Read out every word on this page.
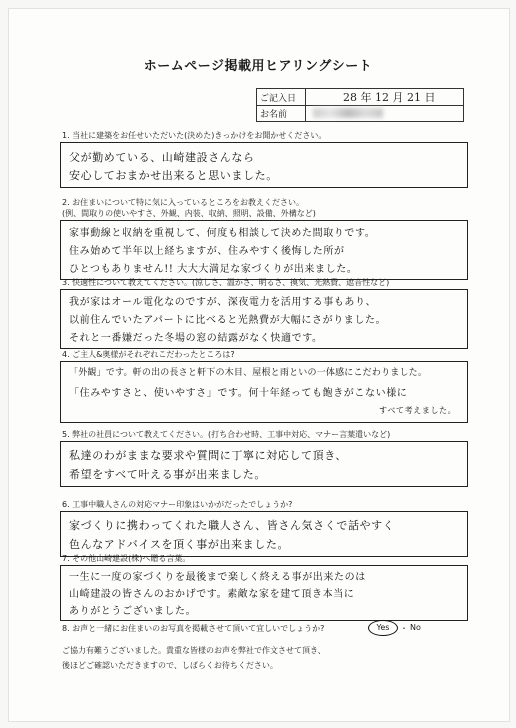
ホームページ掲載用ヒアリングシート
ご記入日	28 年 12 月 21 日
お名前
1. 当社に建築をお任せいただいた(決めた)きっかけをお聞かせください。
父が勤めている、山崎建設さんなら
安心しておまかせ出来ると思いました。
2. お住まいについて特に気に入っているところをお教えください。
(例、間取りの使いやすさ、外観、内装、収納、照明、設備、外構など)
家事動線と収納を重視して、何度も相談して決めた間取りです。
住み始めて半年以上経ちますが、住みやすく後悔した所が
ひとつもありません!! 大大大満足な家づくりが出来ました。
3. 快適性について教えてください。(涼しさ、温かさ、明るさ、換気、光熱費、遮音性など)
我が家はオール電化なのですが、深夜電力を活用する事もあり、
以前住んでいたアパートに比べると光熱費が大幅にさがりました。
それと一番嫌だった冬場の窓の結露がなく快適です。
4. ご主人&奥様がそれぞれこだわったところは?
「外観」です。軒の出の長さと軒下の木目、屋根と雨といの一体感にこだわりました。
「住みやすさと、使いやすさ」です。何十年経っても飽きがこない様に
すべて考えました。
5. 弊社の社員について教えてください。(打ち合わせ時、工事中対応、マナー言葉遣いなど)
私達のわがままな要求や質問に丁寧に対応して頂き、
希望をすべて叶える事が出来ました。
6. 工事中職人さんの対応マナー印象はいかがだったでしょうか?
家づくりに携わってくれた職人さん、皆さん気さくで話やすく
色んなアドバイスを頂く事が出来ました。
7. その他山崎建設(株)へ贈る言葉。
一生に一度の家づくりを最後まで楽しく終える事が出来たのは
山崎建設の皆さんのおかげです。素敵な家を建て頂き本当に
ありがとうございました。
8. お声と一緒にお住まいのお写真を掲載させて頂いて宜しいでしょうか?	Yes	・ No
ご協力有難うございました。貴重な皆様のお声を弊社で作文させて頂き、
後ほどご確認いただきますので、しばらくお待ちください。
